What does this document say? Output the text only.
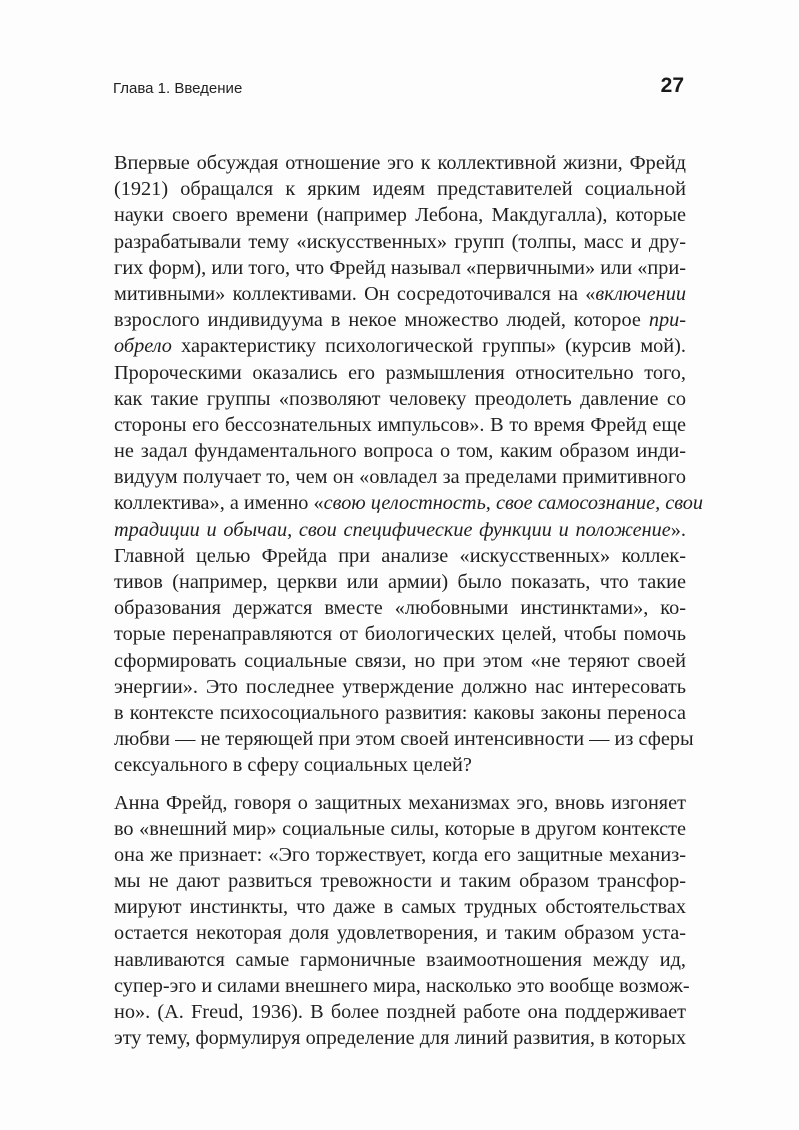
Глава 1. Введение	27

Впервые обсуждая отношение эго к коллективной жизни, Фрейд
(1921) обращался к ярким идеям представителей социальной
науки своего времени (например Лебона, Макдугалла), которые
разрабатывали тему «искусственных» групп (толпы, масс и дру-
гих форм), или того, что Фрейд называл «первичными» или «при-
митивными» коллективами. Он сосредоточивался на «включении
взрослого индивидуума в некое множество людей, которое при-
обрело характеристику психологической группы» (курсив мой).
Пророческими оказались его размышления относительно того,
как такие группы «позволяют человеку преодолеть давление со
стороны его бессознательных импульсов». В то время Фрейд еще
не задал фундаментального вопроса о том, каким образом инди-
видуум получает то, чем он «овладел за пределами примитивного
коллектива», а именно «свою целостность, свое самосознание, свои
традиции и обычаи, свои специфические функции и положение».
Главной целью Фрейда при анализе «искусственных» коллек-
тивов (например, церкви или армии) было показать, что такие
образования держатся вместе «любовными инстинктами», ко-
торые перенаправляются от биологических целей, чтобы помочь
сформировать социальные связи, но при этом «не теряют своей
энергии». Это последнее утверждение должно нас интересовать
в контексте психосоциального развития: каковы законы переноса
любви — не теряющей при этом своей интенсивности — из сферы
сексуального в сферу социальных целей?

Анна Фрейд, говоря о защитных механизмах эго, вновь изгоняет
во «внешний мир» социальные силы, которые в другом контексте
она же признает: «Эго торжествует, когда его защитные механиз-
мы не дают развиться тревожности и таким образом трансфор-
мируют инстинкты, что даже в самых трудных обстоятельствах
остается некоторая доля удовлетворения, и таким образом уста-
навливаются самые гармоничные взаимоотношения между ид,
супер-эго и силами внешнего мира, насколько это вообще возмож-
но». (A. Freud, 1936). В более поздней работе она поддерживает
эту тему, формулируя определение для линий развития, в которых
